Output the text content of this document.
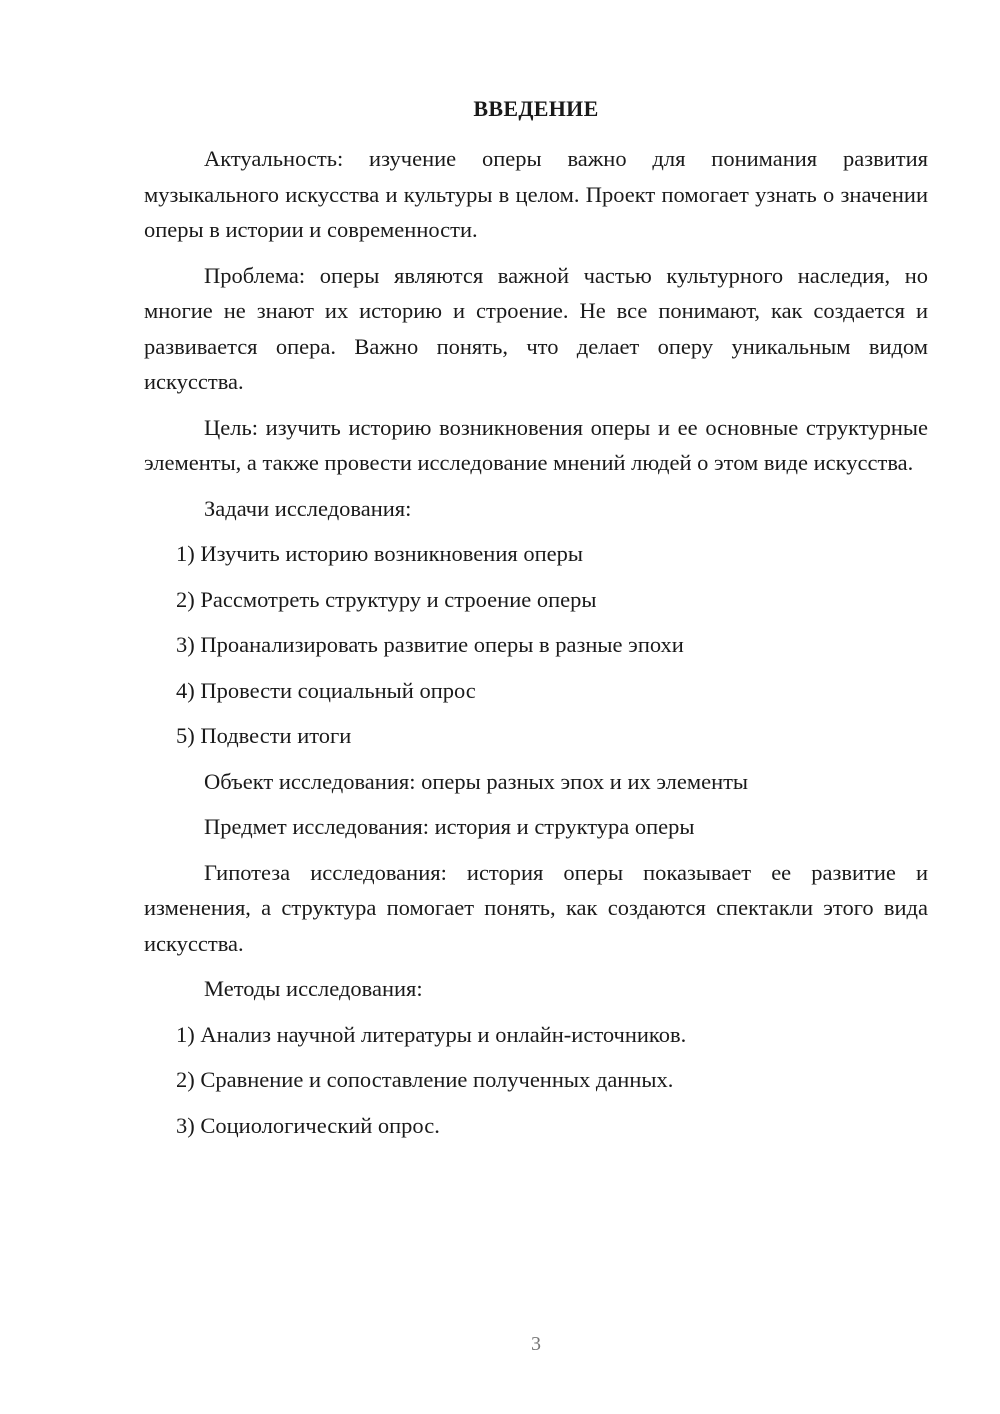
ВВЕДЕНИЕ

Актуальность: изучение оперы важно для понимания развития музыкального искусства и культуры в целом. Проект помогает узнать о значении оперы в истории и современности.

Проблема: оперы являются важной частью культурного наследия, но многие не знают их историю и строение. Не все понимают, как создается и развивается опера. Важно понять, что делает оперу уникальным видом искусства.

Цель: изучить историю возникновения оперы и ее основные структурные элементы, а также провести исследование мнений людей о этом виде искусства.

Задачи исследования:
1) Изучить историю возникновения оперы
2) Рассмотреть структуру и строение оперы
3) Проанализировать развитие оперы в разные эпохи
4) Провести социальный опрос
5) Подвести итоги
Объект исследования: оперы разных эпох и их элементы
Предмет исследования: история и структура оперы

Гипотеза исследования: история оперы показывает ее развитие и изменения, а структура помогает понять, как создаются спектакли этого вида искусства.

Методы исследования:
1) Анализ научной литературы и онлайн-источников.
2) Сравнение и сопоставление полученных данных.
3) Социологический опрос.
3
